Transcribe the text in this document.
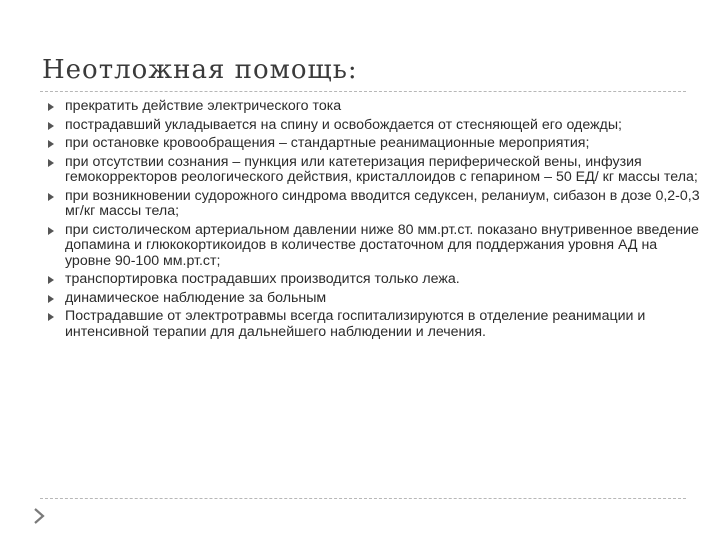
Неотложная помощь:
прекратить действие электрического тока
пострадавший укладывается на спину и освобождается от стесняющей его одежды;
при остановке кровообращения – стандартные реанимационные мероприятия;
при отсутствии сознания – пункция или катетеризация периферической вены, инфузия гемокорректоров реологического действия, кристаллоидов с гепарином – 50 ЕД/ кг массы тела;
при возникновении судорожного синдрома вводится седуксен, реланиум, сибазон в дозе 0,2-0,3 мг/кг массы тела;
при систолическом артериальном давлении ниже 80 мм.рт.ст. показано внутривенное введение допамина и глюкокортикоидов в количестве достаточном для поддержания уровня АД на уровне 90-100 мм.рт.ст;
транспортировка пострадавших производится только лежа.
динамическое наблюдение за больным
Пострадавшие от электротравмы всегда госпитализируются в отделение реанимации и интенсивной терапии для дальнейшего наблюдении и лечения.
